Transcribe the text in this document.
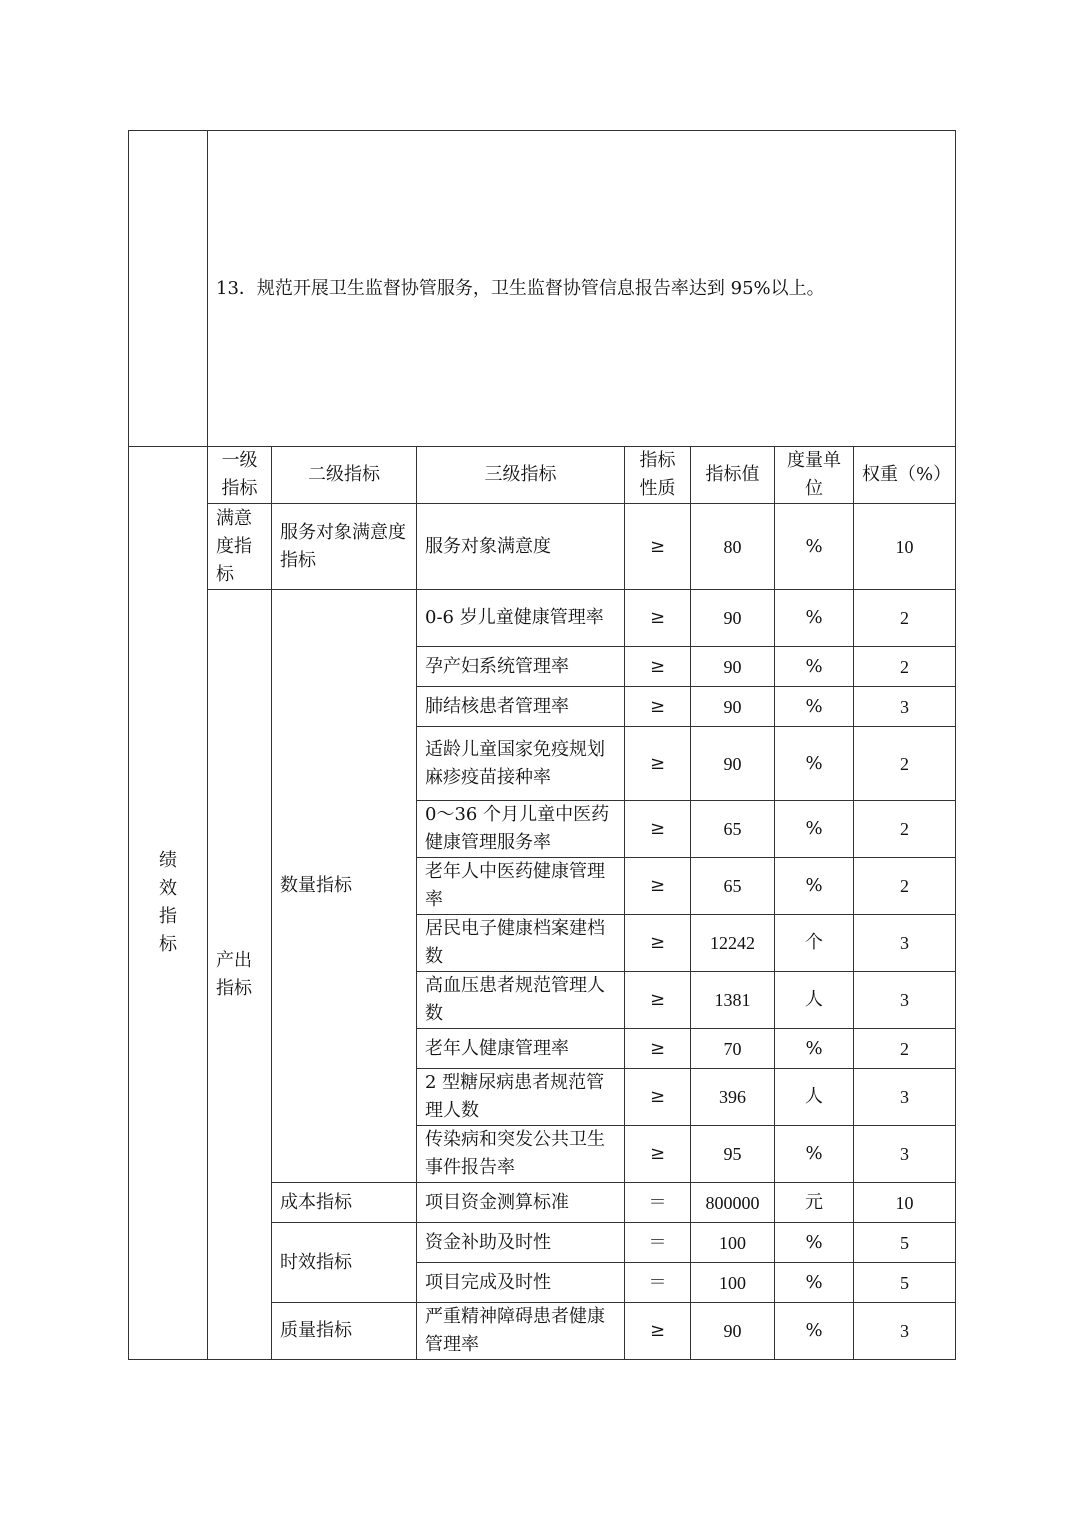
	13．规范开展卫生监督协管服务，卫生监督协管信息报告率达到 95%以上。						

绩
效
指
标	一级指标	二级指标	三级指标	指标性质	指标值	度量单位	权重（%）
	满意度指标	服务对象满意度指标	服务对象满意度	≥	80	%	10
	产出指标	数量指标	0-6 岁儿童健康管理率	≥	90	%	2
			孕产妇系统管理率	≥	90	%	2
			肺结核患者管理率	≥	90	%	3
			适龄儿童国家免疫规划麻疹疫苗接种率	≥	90	%	2
			0～36 个月儿童中医药健康管理服务率	≥	65	%	2
			老年人中医药健康管理率	≥	65	%	2
			居民电子健康档案建档数	≥	12242	个	3
			高血压患者规范管理人数	≥	1381	人	3
			老年人健康管理率	≥	70	%	2
			2 型糖尿病患者规范管理人数	≥	396	人	3
			传染病和突发公共卫生事件报告率	≥	95	%	3
		成本指标	项目资金测算标准	＝	800000	元	10
		时效指标	资金补助及时性	＝	100	%	5
			项目完成及时性	＝	100	%	5
		质量指标	严重精神障碍患者健康管理率	≥	90	%	3
